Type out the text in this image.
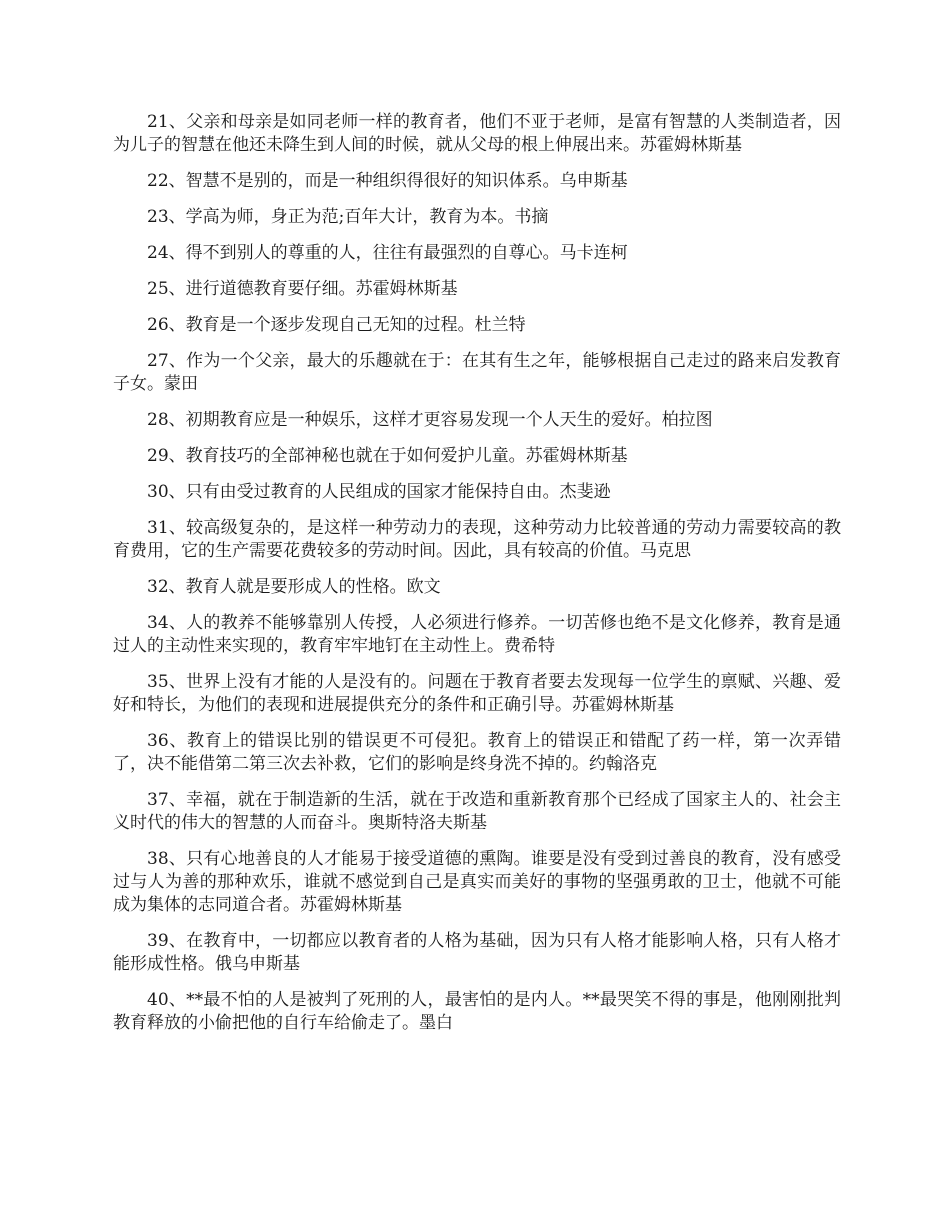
21、父亲和母亲是如同老师一样的教育者，他们不亚于老师，是富有智慧的人类制造者，因为儿子的智慧在他还未降生到人间的时候，就从父母的根上伸展出来。苏霍姆林斯基

22、智慧不是别的，而是一种组织得很好的知识体系。乌申斯基

23、学高为师，身正为范;百年大计，教育为本。书摘

24、得不到别人的尊重的人，往往有最强烈的自尊心。马卡连柯

25、进行道德教育要仔细。苏霍姆林斯基

26、教育是一个逐步发现自己无知的过程。杜兰特

27、作为一个父亲，最大的乐趣就在于：在其有生之年，能够根据自己走过的路来启发教育子女。蒙田

28、初期教育应是一种娱乐，这样才更容易发现一个人天生的爱好。柏拉图

29、教育技巧的全部神秘也就在于如何爱护儿童。苏霍姆林斯基

30、只有由受过教育的人民组成的国家才能保持自由。杰斐逊

31、较高级复杂的，是这样一种劳动力的表现，这种劳动力比较普通的劳动力需要较高的教育费用，它的生产需要花费较多的劳动时间。因此，具有较高的价值。马克思

32、教育人就是要形成人的性格。欧文

34、人的教养不能够靠别人传授，人必须进行修养。一切苦修也绝不是文化修养，教育是通过人的主动性来实现的，教育牢牢地钉在主动性上。费希特

35、世界上没有才能的人是没有的。问题在于教育者要去发现每一位学生的禀赋、兴趣、爱好和特长，为他们的表现和进展提供充分的条件和正确引导。苏霍姆林斯基

36、教育上的错误比别的错误更不可侵犯。教育上的错误正和错配了药一样，第一次弄错了，决不能借第二第三次去补救，它们的影响是终身洗不掉的。约翰洛克

37、幸福，就在于制造新的生活，就在于改造和重新教育那个已经成了国家主人的、社会主义时代的伟大的智慧的人而奋斗。奥斯特洛夫斯基

38、只有心地善良的人才能易于接受道德的熏陶。谁要是没有受到过善良的教育，没有感受过与人为善的那种欢乐，谁就不感觉到自己是真实而美好的事物的坚强勇敢的卫士，他就不可能成为集体的志同道合者。苏霍姆林斯基

39、在教育中，一切都应以教育者的人格为基础，因为只有人格才能影响人格，只有人格才能形成性格。俄乌申斯基

40、**最不怕的人是被判了死刑的人，最害怕的是内人。**最哭笑不得的事是，他刚刚批判教育释放的小偷把他的自行车给偷走了。墨白
